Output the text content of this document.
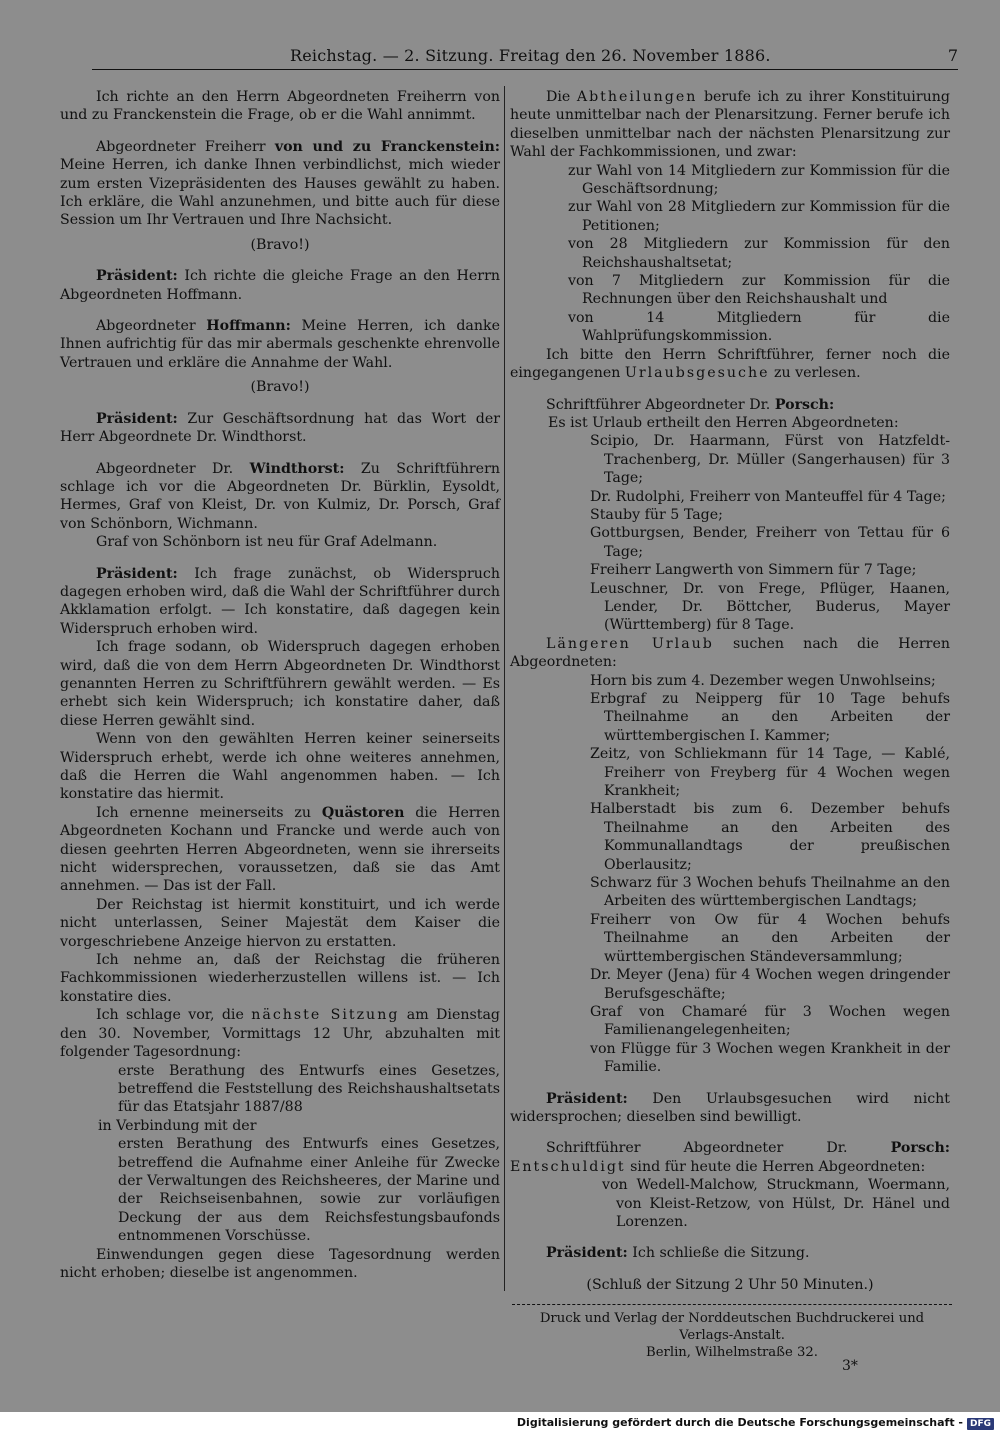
Reichstag. — 2. Sitzung. Freitag den 26. November 1886.	7

Ich richte an den Herrn Abgeordneten Freiherrn von und zu Franckenstein die Frage, ob er die Wahl annimmt.

Abgeordneter Freiherr von und zu Franckenstein: Meine Herren, ich danke Ihnen verbindlichst, mich wieder zum ersten Vizepräsidenten des Hauses gewählt zu haben. Ich erkläre, die Wahl anzunehmen, und bitte auch für diese Session um Ihr Vertrauen und Ihre Nachsicht.

(Bravo!)

Präsident: Ich richte die gleiche Frage an den Herrn Abgeordneten Hoffmann.

Abgeordneter Hoffmann: Meine Herren, ich danke Ihnen aufrichtig für das mir abermals geschenkte ehrenvolle Vertrauen und erkläre die Annahme der Wahl.

(Bravo!)

Präsident: Zur Geschäftsordnung hat das Wort der Herr Abgeordnete Dr. Windthorst.

Abgeordneter Dr. Windthorst: Zu Schriftführern schlage ich vor die Abgeordneten Dr. Bürklin, Eysoldt, Hermes, Graf von Kleist, Dr. von Kulmiz, Dr. Porsch, Graf von Schönborn, Wichmann.

Graf von Schönborn ist neu für Graf Adelmann.

Präsident: Ich frage zunächst, ob Widerspruch dagegen erhoben wird, daß die Wahl der Schriftführer durch Akklamation erfolgt. — Ich konstatire, daß dagegen kein Widerspruch erhoben wird.

Ich frage sodann, ob Widerspruch dagegen erhoben wird, daß die von dem Herrn Abgeordneten Dr. Windthorst genannten Herren zu Schriftführern gewählt werden. — Es erhebt sich kein Widerspruch; ich konstatire daher, daß diese Herren gewählt sind.

Wenn von den gewählten Herren keiner seinerseits Widerspruch erhebt, werde ich ohne weiteres annehmen, daß die Herren die Wahl angenommen haben. — Ich konstatire das hiermit.

Ich ernenne meinerseits zu Quästoren die Herren Abgeordneten Kochann und Francke und werde auch von diesen geehrten Herren Abgeordneten, wenn sie ihrerseits nicht widersprechen, voraussetzen, daß sie das Amt annehmen. — Das ist der Fall.

Der Reichstag ist hiermit konstituirt, und ich werde nicht unterlassen, Seiner Majestät dem Kaiser die vorgeschriebene Anzeige hiervon zu erstatten.

Ich nehme an, daß der Reichstag die früheren Fachkommissionen wiederherzustellen willens ist. — Ich konstatire dies.

Ich schlage vor, die nächste Sitzung am Dienstag den 30. November, Vormittags 12 Uhr, abzuhalten mit folgender Tagesordnung:

erste Berathung des Entwurfs eines Gesetzes, betreffend die Feststellung des Reichshaushaltsetats für das Etatsjahr 1887/88

in Verbindung mit der

ersten Berathung des Entwurfs eines Gesetzes, betreffend die Aufnahme einer Anleihe für Zwecke der Verwaltungen des Reichsheeres, der Marine und der Reichseisenbahnen, sowie zur vorläufigen Deckung der aus dem Reichsfestungsbaufonds entnommenen Vorschüsse.

Einwendungen gegen diese Tagesordnung werden nicht erhoben; dieselbe ist angenommen.

Die Abtheilungen berufe ich zu ihrer Konstituirung heute unmittelbar nach der Plenarsitzung. Ferner berufe ich dieselben unmittelbar nach der nächsten Plenarsitzung zur Wahl der Fachkommissionen, und zwar:

zur Wahl von 14 Mitgliedern zur Kommission für die Geschäftsordnung;

zur Wahl von 28 Mitgliedern zur Kommission für die Petitionen;

von 28 Mitgliedern zur Kommission für den Reichshaushaltsetat;

von 7 Mitgliedern zur Kommission für die Rechnungen über den Reichshaushalt und

von 14 Mitgliedern für die Wahlprüfungskommission.

Ich bitte den Herrn Schriftführer, ferner noch die eingegangenen Urlaubsgesuche zu verlesen.

Schriftführer Abgeordneter Dr. Porsch:

Es ist Urlaub ertheilt den Herren Abgeordneten:

Scipio, Dr. Haarmann, Fürst von Hatzfeldt-Trachenberg, Dr. Müller (Sangerhausen) für 3 Tage;

Dr. Rudolphi, Freiherr von Manteuffel für 4 Tage;

Stauby für 5 Tage;

Gottburgsen, Bender, Freiherr von Tettau für 6 Tage;

Freiherr Langwerth von Simmern für 7 Tage;

Leuschner, Dr. von Frege, Pflüger, Haanen, Lender, Dr. Böttcher, Buderus, Mayer (Württemberg) für 8 Tage.

Längeren Urlaub suchen nach die Herren Abgeordneten:

Horn bis zum 4. Dezember wegen Unwohlseins;

Erbgraf zu Neipperg für 10 Tage behufs Theilnahme an den Arbeiten der württembergischen I. Kammer;

Zeitz, von Schliekmann für 14 Tage, — Kablé, Freiherr von Freyberg für 4 Wochen wegen Krankheit;

Halberstadt bis zum 6. Dezember behufs Theilnahme an den Arbeiten des Kommunallandtags der preußischen Oberlausitz;

Schwarz für 3 Wochen behufs Theilnahme an den Arbeiten des württembergischen Landtags;

Freiherr von Ow für 4 Wochen behufs Theilnahme an den Arbeiten der württembergischen Ständeversammlung;

Dr. Meyer (Jena) für 4 Wochen wegen dringender Berufsgeschäfte;

Graf von Chamaré für 3 Wochen wegen Familienangelegenheiten;

von Flügge für 3 Wochen wegen Krankheit in der Familie.

Präsident: Den Urlaubsgesuchen wird nicht widersprochen; dieselben sind bewilligt.

Schriftführer Abgeordneter Dr. Porsch: Entschuldigt sind für heute die Herren Abgeordneten:

von Wedell-Malchow, Struckmann, Woermann, von Kleist-Retzow, von Hülst, Dr. Hänel und Lorenzen.

Präsident: Ich schließe die Sitzung.

(Schluß der Sitzung 2 Uhr 50 Minuten.)

Druck und Verlag der Norddeutschen Buchdruckerei und Verlags-Anstalt.
Berlin, Wilhelmstraße 32.
3*
Digitalisierung gefördert durch die Deutsche Forschungsgemeinschaft - DFG
